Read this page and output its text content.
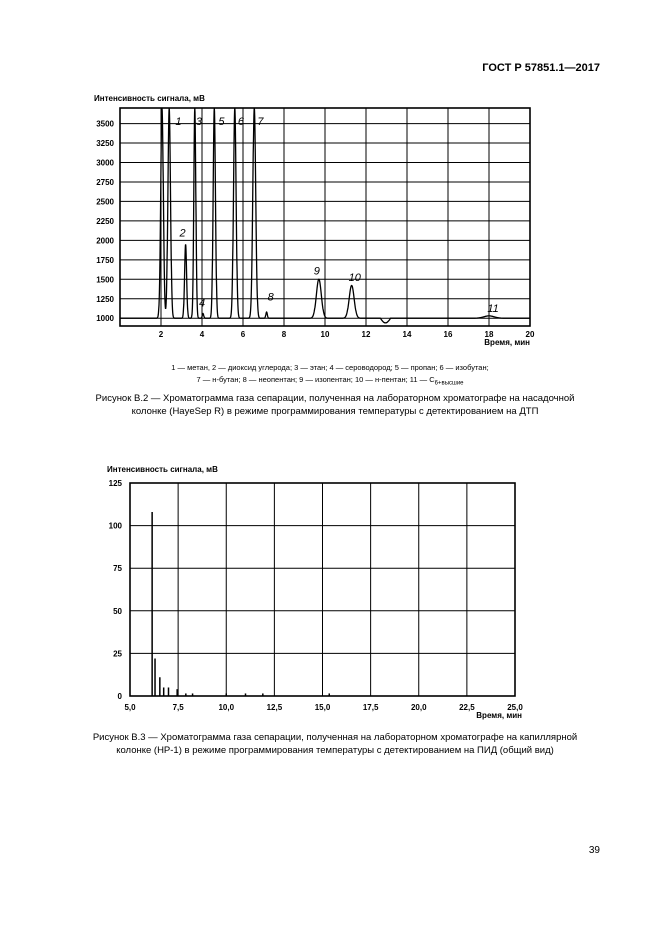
ГОСТ Р 57851.1—2017
Интенсивность сигнала, мВ
Время, мин
1000
1250
1500
1750
2000
2250
2500
2750
3000
3250
3500
2	4	6	8	10	12	14	16	18	20
1
2
3
4
5 6 7
8
9
10
11
1 — метан, 2 — диоксид углерода; 3 — этан; 4 — сероводород; 5 — пропан; 6 — изобутан;
7 — н-бутан; 8 — неопентан; 9 — изопентан; 10 — н-пентан; 11 — $С_{6+высшие}$
Рисунок В.2 — Хроматограмма газа сепарации, полученная на лабораторном хроматографе на насадочной
колонке (HayeSep R) в режиме программирования температуры с детектированием на ДТП
Интенсивность сигнала, мВ
Время, мин
0
25
50
75
100
125
5,0	7,5	10,0	12,5	15,0	17,5	20,0	22,5	25,0
Рисунок В.3 — Хроматограмма газа сепарации, полученная на лабораторном хроматографе на капиллярной
колонке (HP-1) в режиме программирования температуры с детектированием на ПИД (общий вид)
39
